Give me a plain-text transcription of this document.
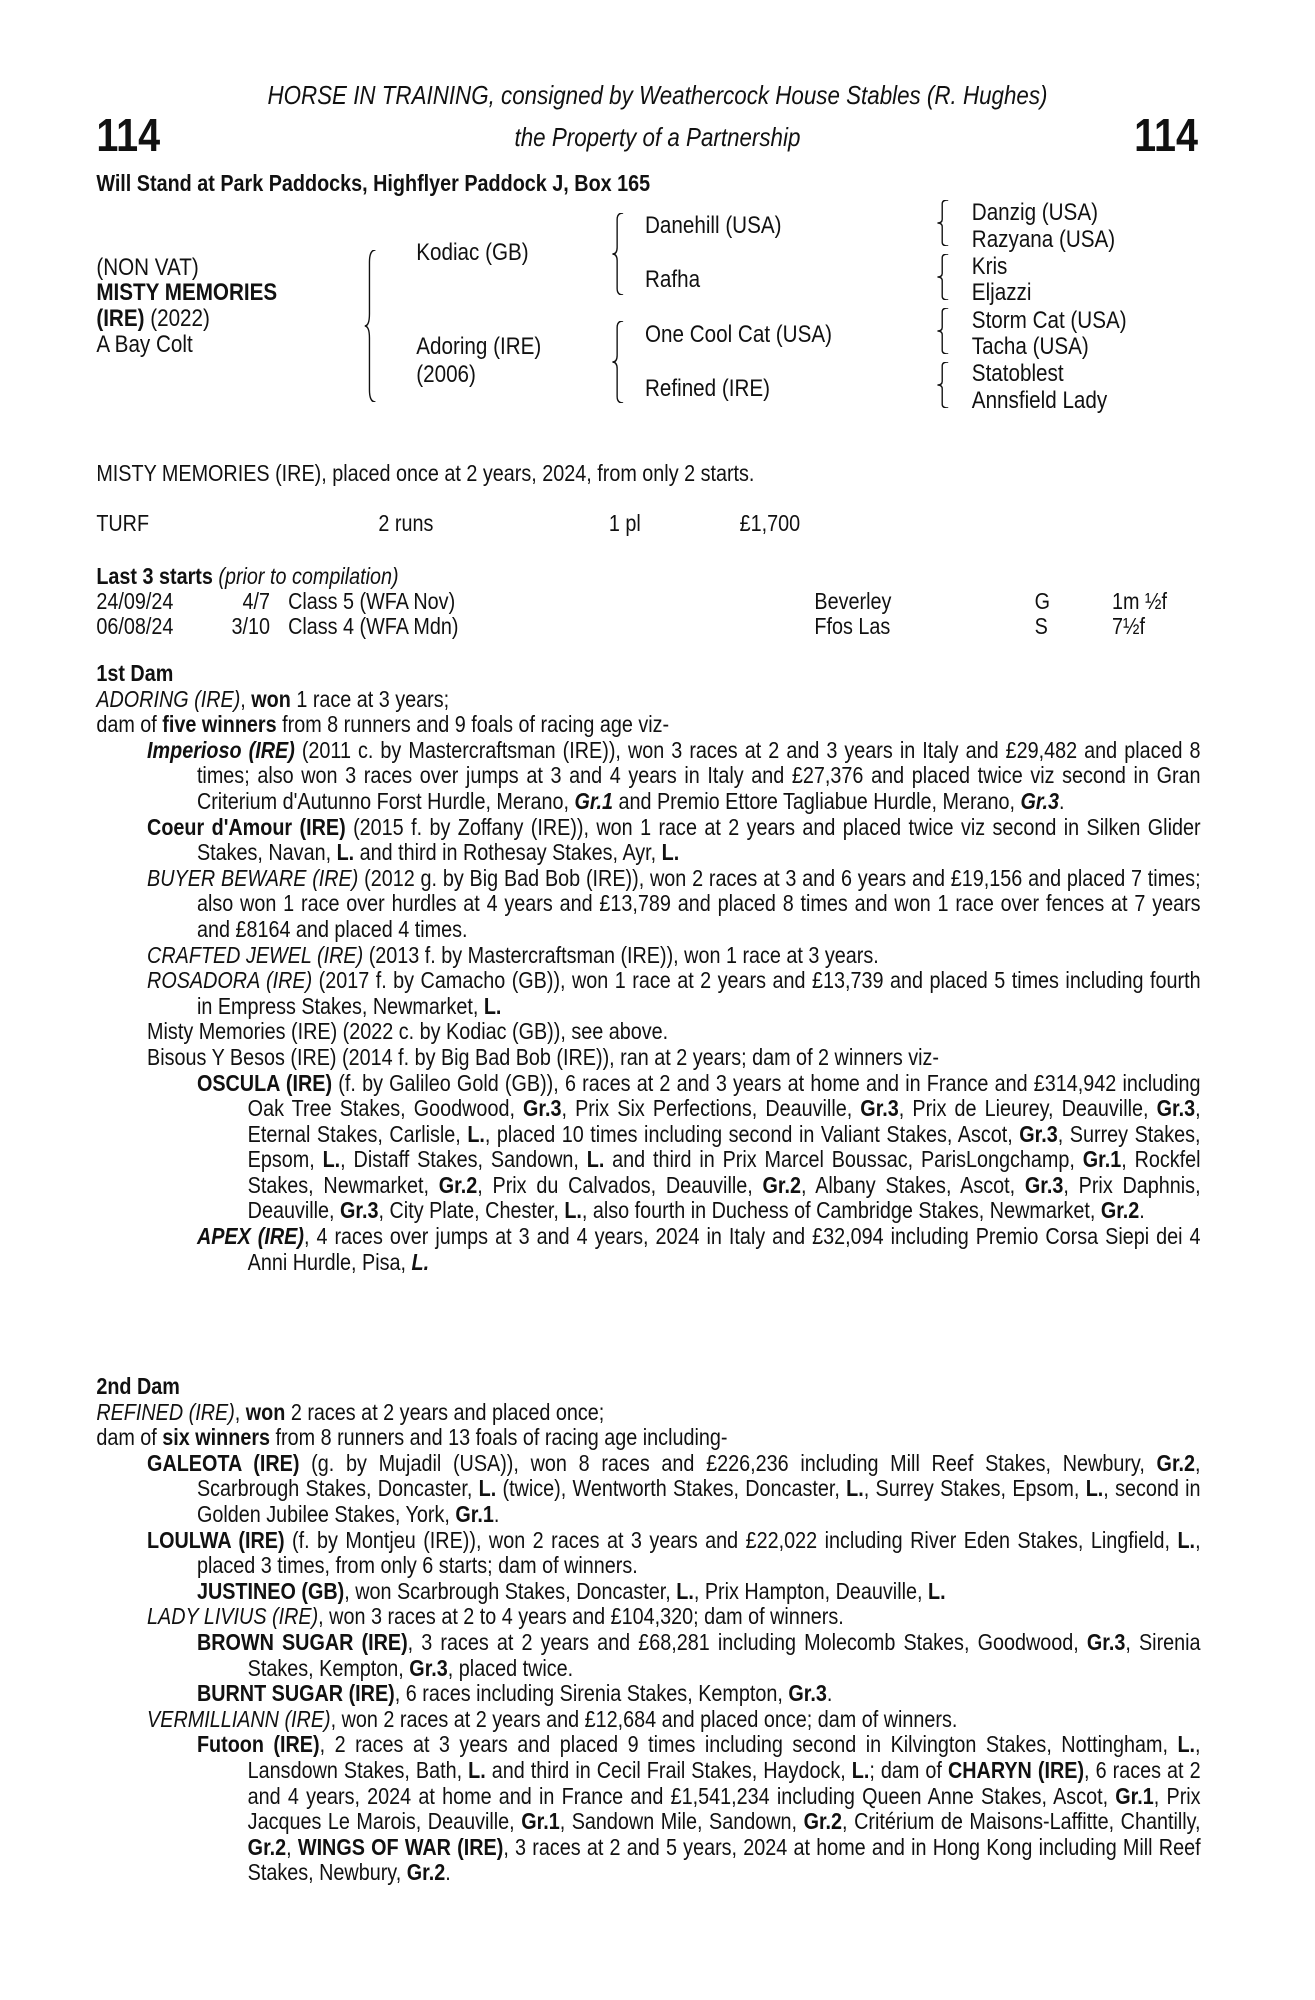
HORSE IN TRAINING, consigned by Weathercock House Stables (R. Hughes)
114	the Property of a Partnership	114
Will Stand at Park Paddocks, Highflyer Paddock J, Box 165
(NON VAT)
MISTY MEMORIES
(IRE) (2022)
A Bay Colt
Kodiac (GB)
Adoring (IRE)
(2006)
Danehill (USA)
Rafha
One Cool Cat (USA)
Refined (IRE)
Danzig (USA)
Razyana (USA)
Kris
Eljazzi
Storm Cat (USA)
Tacha (USA)
Statoblest
Annsfield Lady
MISTY MEMORIES (IRE), placed once at 2 years, 2024, from only 2 starts.
TURF	2 runs	1 pl	£1,700
Last 3 starts (prior to compilation)
24/09/24	4/7 Class 5 (WFA Nov)	Beverley	G	1m ½f
06/08/24	3/10 Class 4 (WFA Mdn)	Ffos Las	S	7½f
1st Dam
ADORING (IRE), won 1 race at 3 years;
dam of five winners from 8 runners and 9 foals of racing age viz-
Imperioso (IRE) (2011 c. by Mastercraftsman (IRE)), won 3 races at 2 and 3 years in Italy and £29,482 and placed 8 times; also won 3 races over jumps at 3 and 4 years in Italy and £27,376 and placed twice viz second in Gran Criterium d'Autunno Forst Hurdle, Merano, Gr.1 and Premio Ettore Tagliabue Hurdle, Merano, Gr.3.
Coeur d'Amour (IRE) (2015 f. by Zoffany (IRE)), won 1 race at 2 years and placed twice viz second in Silken Glider Stakes, Navan, L. and third in Rothesay Stakes, Ayr, L.
BUYER BEWARE (IRE) (2012 g. by Big Bad Bob (IRE)), won 2 races at 3 and 6 years and £19,156 and placed 7 times; also won 1 race over hurdles at 4 years and £13,789 and placed 8 times and won 1 race over fences at 7 years and £8164 and placed 4 times.
CRAFTED JEWEL (IRE) (2013 f. by Mastercraftsman (IRE)), won 1 race at 3 years.
ROSADORA (IRE) (2017 f. by Camacho (GB)), won 1 race at 2 years and £13,739 and placed 5 times including fourth in Empress Stakes, Newmarket, L.
Misty Memories (IRE) (2022 c. by Kodiac (GB)), see above.
Bisous Y Besos (IRE) (2014 f. by Big Bad Bob (IRE)), ran at 2 years; dam of 2 winners viz-
OSCULA (IRE) (f. by Galileo Gold (GB)), 6 races at 2 and 3 years at home and in France and £314,942 including Oak Tree Stakes, Goodwood, Gr.3, Prix Six Perfections, Deauville, Gr.3, Prix de Lieurey, Deauville, Gr.3, Eternal Stakes, Carlisle, L., placed 10 times including second in Valiant Stakes, Ascot, Gr.3, Surrey Stakes, Epsom, L., Distaff Stakes, Sandown, L. and third in Prix Marcel Boussac, ParisLongchamp, Gr.1, Rockfel Stakes, Newmarket, Gr.2, Prix du Calvados, Deauville, Gr.2, Albany Stakes, Ascot, Gr.3, Prix Daphnis, Deauville, Gr.3, City Plate, Chester, L., also fourth in Duchess of Cambridge Stakes, Newmarket, Gr.2.
APEX (IRE), 4 races over jumps at 3 and 4 years, 2024 in Italy and £32,094 including Premio Corsa Siepi dei 4 Anni Hurdle, Pisa, L.
2nd Dam
REFINED (IRE), won 2 races at 2 years and placed once;
dam of six winners from 8 runners and 13 foals of racing age including-
GALEOTA (IRE) (g. by Mujadil (USA)), won 8 races and £226,236 including Mill Reef Stakes, Newbury, Gr.2, Scarbrough Stakes, Doncaster, L. (twice), Wentworth Stakes, Doncaster, L., Surrey Stakes, Epsom, L., second in Golden Jubilee Stakes, York, Gr.1.
LOULWA (IRE) (f. by Montjeu (IRE)), won 2 races at 3 years and £22,022 including River Eden Stakes, Lingfield, L., placed 3 times, from only 6 starts; dam of winners.
JUSTINEO (GB), won Scarbrough Stakes, Doncaster, L., Prix Hampton, Deauville, L.
LADY LIVIUS (IRE), won 3 races at 2 to 4 years and £104,320; dam of winners.
BROWN SUGAR (IRE), 3 races at 2 years and £68,281 including Molecomb Stakes, Goodwood, Gr.3, Sirenia Stakes, Kempton, Gr.3, placed twice.
BURNT SUGAR (IRE), 6 races including Sirenia Stakes, Kempton, Gr.3.
VERMILLIANN (IRE), won 2 races at 2 years and £12,684 and placed once; dam of winners.
Futoon (IRE), 2 races at 3 years and placed 9 times including second in Kilvington Stakes, Nottingham, L., Lansdown Stakes, Bath, L. and third in Cecil Frail Stakes, Haydock, L.; dam of CHARYN (IRE), 6 races at 2 and 4 years, 2024 at home and in France and £1,541,234 including Queen Anne Stakes, Ascot, Gr.1, Prix Jacques Le Marois, Deauville, Gr.1, Sandown Mile, Sandown, Gr.2, Critérium de Maisons-Laffitte, Chantilly, Gr.2, WINGS OF WAR (IRE), 3 races at 2 and 5 years, 2024 at home and in Hong Kong including Mill Reef Stakes, Newbury, Gr.2.
